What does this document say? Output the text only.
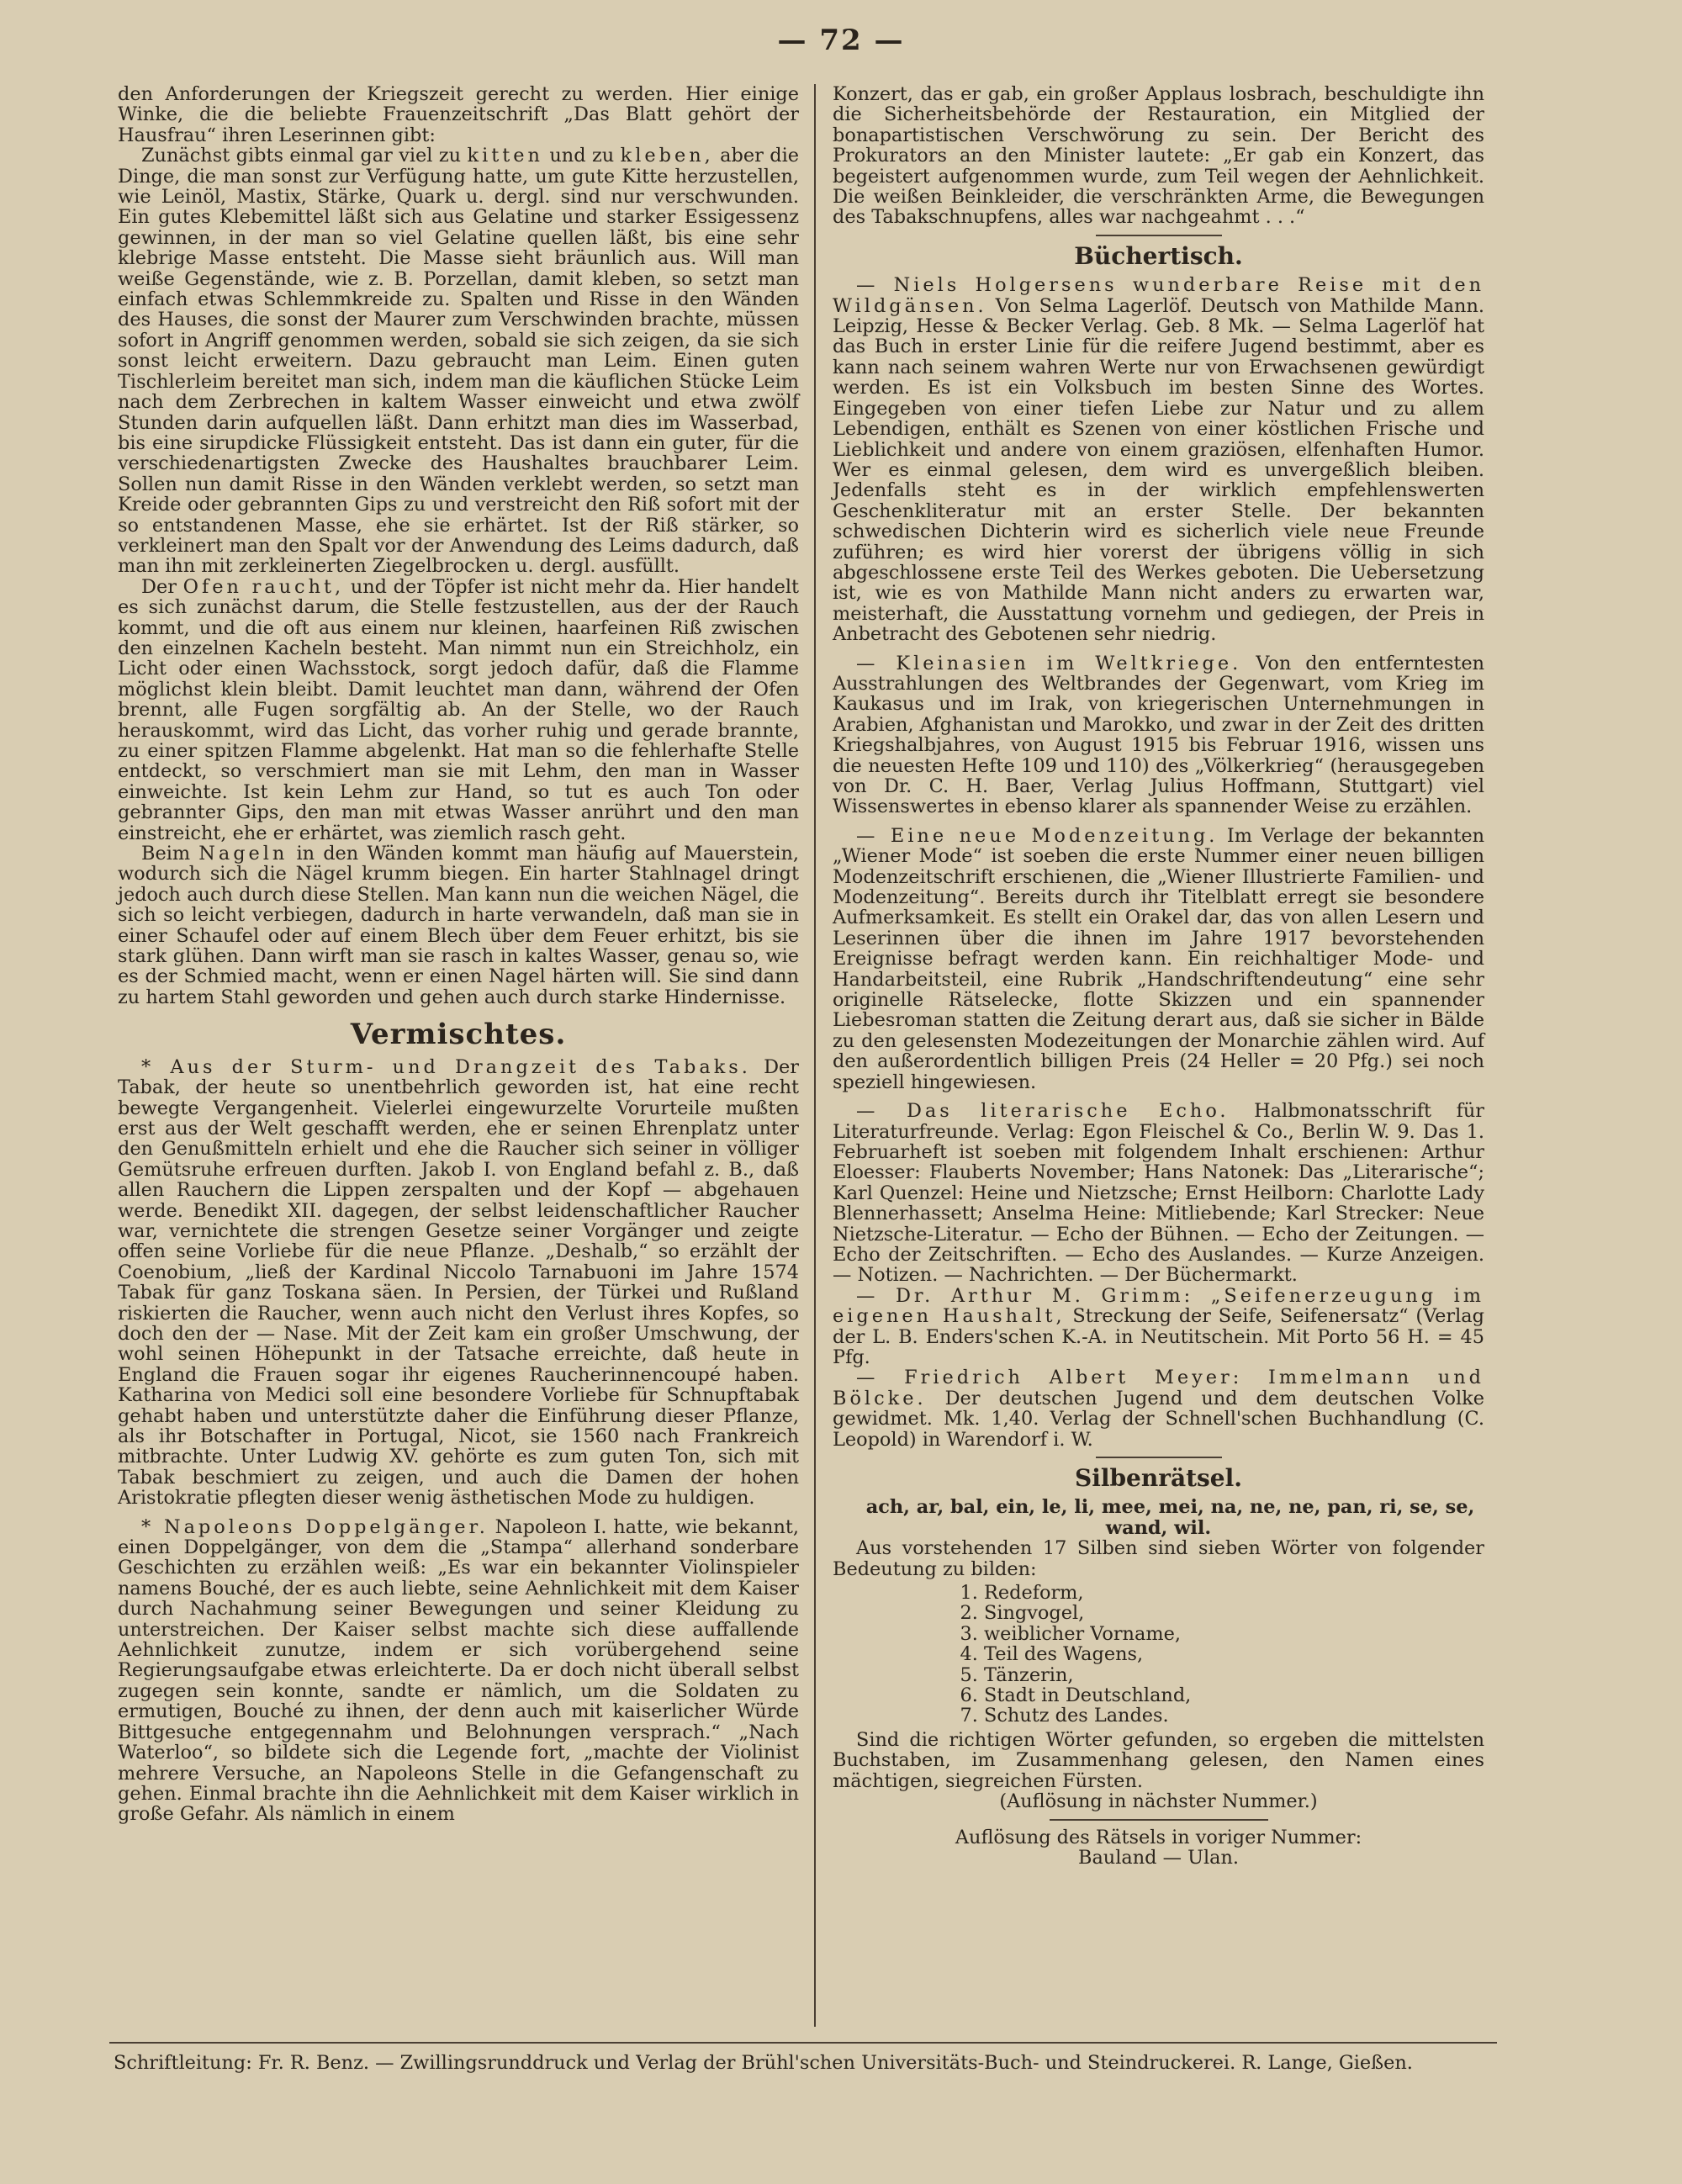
— 72 —

den Anforderungen der Kriegszeit gerecht zu werden. Hier einige Winke, die die beliebte Frauenzeitschrift „Das Blatt gehört der Hausfrau“ ihren Leserinnen gibt:

Zunächst gibts einmal gar viel zu kitten und zu kleben, aber die Dinge, die man sonst zur Verfügung hatte, um gute Kitte herzustellen, wie Leinöl, Mastix, Stärke, Quark u. dergl. sind nur verschwunden. Ein gutes Klebemittel läßt sich aus Gelatine und starker Essigessenz gewinnen, in der man so viel Gelatine quellen läßt, bis eine sehr klebrige Masse entsteht. Die Masse sieht bräunlich aus. Will man weiße Gegenstände, wie z. B. Porzellan, damit kleben, so setzt man einfach etwas Schlemmkreide zu. Spalten und Risse in den Wänden des Hauses, die sonst der Maurer zum Verschwinden brachte, müssen sofort in Angriff genommen werden, sobald sie sich zeigen, da sie sich sonst leicht erweitern. Dazu gebraucht man Leim. Einen guten Tischlerleim bereitet man sich, indem man die käuflichen Stücke Leim nach dem Zerbrechen in kaltem Wasser einweicht und etwa zwölf Stunden darin aufquellen läßt. Dann erhitzt man dies im Wasserbad, bis eine sirupdicke Flüssigkeit entsteht. Das ist dann ein guter, für die verschiedenartigsten Zwecke des Haushaltes brauchbarer Leim. Sollen nun damit Risse in den Wänden verklebt werden, so setzt man Kreide oder gebrannten Gips zu und verstreicht den Riß sofort mit der so entstandenen Masse, ehe sie erhärtet. Ist der Riß stärker, so verkleinert man den Spalt vor der Anwendung des Leims dadurch, daß man ihn mit zerkleinerten Ziegelbrocken u. dergl. ausfüllt.

Der Ofen raucht, und der Töpfer ist nicht mehr da. Hier handelt es sich zunächst darum, die Stelle festzustellen, aus der der Rauch kommt, und die oft aus einem nur kleinen, haarfeinen Riß zwischen den einzelnen Kacheln besteht. Man nimmt nun ein Streichholz, ein Licht oder einen Wachsstock, sorgt jedoch dafür, daß die Flamme möglichst klein bleibt. Damit leuchtet man dann, während der Ofen brennt, alle Fugen sorgfältig ab. An der Stelle, wo der Rauch herauskommt, wird das Licht, das vorher ruhig und gerade brannte, zu einer spitzen Flamme abgelenkt. Hat man so die fehlerhafte Stelle entdeckt, so verschmiert man sie mit Lehm, den man in Wasser einweichte. Ist kein Lehm zur Hand, so tut es auch Ton oder gebrannter Gips, den man mit etwas Wasser anrührt und den man einstreicht, ehe er erhärtet, was ziemlich rasch geht.

Beim Nageln in den Wänden kommt man häufig auf Mauerstein, wodurch sich die Nägel krumm biegen. Ein harter Stahlnagel dringt jedoch auch durch diese Stellen. Man kann nun die weichen Nägel, die sich so leicht verbiegen, dadurch in harte verwandeln, daß man sie in einer Schaufel oder auf einem Blech über dem Feuer erhitzt, bis sie stark glühen. Dann wirft man sie rasch in kaltes Wasser, genau so, wie es der Schmied macht, wenn er einen Nagel härten will. Sie sind dann zu hartem Stahl geworden und gehen auch durch starke Hindernisse.

Vermischtes.

* Aus der Sturm- und Drangzeit des Tabaks. Der Tabak, der heute so unentbehrlich geworden ist, hat eine recht bewegte Vergangenheit. Vielerlei eingewurzelte Vorurteile mußten erst aus der Welt geschafft werden, ehe er seinen Ehrenplatz unter den Genußmitteln erhielt und ehe die Raucher sich seiner in völliger Gemütsruhe erfreuen durften. Jakob I. von England befahl z. B., daß allen Rauchern die Lippen zerspalten und der Kopf — abgehauen werde. Benedikt XII. dagegen, der selbst leidenschaftlicher Raucher war, vernichtete die strengen Gesetze seiner Vorgänger und zeigte offen seine Vorliebe für die neue Pflanze. „Deshalb,“ so erzählt der Coenobium, „ließ der Kardinal Niccolo Tarnabuoni im Jahre 1574 Tabak für ganz Toskana säen. In Persien, der Türkei und Rußland riskierten die Raucher, wenn auch nicht den Verlust ihres Kopfes, so doch den der — Nase. Mit der Zeit kam ein großer Umschwung, der wohl seinen Höhepunkt in der Tatsache erreichte, daß heute in England die Frauen sogar ihr eigenes Raucherinnencoupé haben. Katharina von Medici soll eine besondere Vorliebe für Schnupftabak gehabt haben und unterstützte daher die Einführung dieser Pflanze, als ihr Botschafter in Portugal, Nicot, sie 1560 nach Frankreich mitbrachte. Unter Ludwig XV. gehörte es zum guten Ton, sich mit Tabak beschmiert zu zeigen, und auch die Damen der hohen Aristokratie pflegten dieser wenig ästhetischen Mode zu huldigen.

* Napoleons Doppelgänger. Napoleon I. hatte, wie bekannt, einen Doppelgänger, von dem die „Stampa“ allerhand sonderbare Geschichten zu erzählen weiß: „Es war ein bekannter Violinspieler namens Bouché, der es auch liebte, seine Aehnlichkeit mit dem Kaiser durch Nachahmung seiner Bewegungen und seiner Kleidung zu unterstreichen. Der Kaiser selbst machte sich diese auffallende Aehnlichkeit zunutze, indem er sich vorübergehend seine Regierungsaufgabe etwas erleichterte. Da er doch nicht überall selbst zugegen sein konnte, sandte er nämlich, um die Soldaten zu ermutigen, Bouché zu ihnen, der denn auch mit kaiserlicher Würde Bittgesuche entgegennahm und Belohnungen versprach.“ „Nach Waterloo“, so bildete sich die Legende fort, „machte der Violinist mehrere Versuche, an Napoleons Stelle in die Gefangenschaft zu gehen. Einmal brachte ihn die Aehnlichkeit mit dem Kaiser wirklich in große Gefahr. Als nämlich in einem

Konzert, das er gab, ein großer Applaus losbrach, beschuldigte ihn die Sicherheitsbehörde der Restauration, ein Mitglied der bonapartistischen Verschwörung zu sein. Der Bericht des Prokurators an den Minister lautete: „Er gab ein Konzert, das begeistert aufgenommen wurde, zum Teil wegen der Aehnlichkeit. Die weißen Beinkleider, die verschränkten Arme, die Bewegungen des Tabakschnupfens, alles war nachgeahmt . . .“

Büchertisch.

— Niels Holgersens wunderbare Reise mit den Wildgänsen. Von Selma Lagerlöf. Deutsch von Mathilde Mann. Leipzig, Hesse & Becker Verlag. Geb. 8 Mk. — Selma Lagerlöf hat das Buch in erster Linie für die reifere Jugend bestimmt, aber es kann nach seinem wahren Werte nur von Erwachsenen gewürdigt werden. Es ist ein Volksbuch im besten Sinne des Wortes. Eingegeben von einer tiefen Liebe zur Natur und zu allem Lebendigen, enthält es Szenen von einer köstlichen Frische und Lieblichkeit und andere von einem graziösen, elfenhaften Humor. Wer es einmal gelesen, dem wird es unvergeßlich bleiben. Jedenfalls steht es in der wirklich empfehlenswerten Geschenkliteratur mit an erster Stelle. Der bekannten schwedischen Dichterin wird es sicherlich viele neue Freunde zuführen; es wird hier vorerst der übrigens völlig in sich abgeschlossene erste Teil des Werkes geboten. Die Uebersetzung ist, wie es von Mathilde Mann nicht anders zu erwarten war, meisterhaft, die Ausstattung vornehm und gediegen, der Preis in Anbetracht des Gebotenen sehr niedrig.

— Kleinasien im Weltkriege. Von den entferntesten Ausstrahlungen des Weltbrandes der Gegenwart, vom Krieg im Kaukasus und im Irak, von kriegerischen Unternehmungen in Arabien, Afghanistan und Marokko, und zwar in der Zeit des dritten Kriegshalbjahres, von August 1915 bis Februar 1916, wissen uns die neuesten Hefte 109 und 110) des „Völkerkrieg“ (herausgegeben von Dr. C. H. Baer, Verlag Julius Hoffmann, Stuttgart) viel Wissenswertes in ebenso klarer als spannender Weise zu erzählen.

— Eine neue Modenzeitung. Im Verlage der bekannten „Wiener Mode“ ist soeben die erste Nummer einer neuen billigen Modenzeitschrift erschienen, die „Wiener Illustrierte Familien- und Modenzeitung“. Bereits durch ihr Titelblatt erregt sie besondere Aufmerksamkeit. Es stellt ein Orakel dar, das von allen Lesern und Leserinnen über die ihnen im Jahre 1917 bevorstehenden Ereignisse befragt werden kann. Ein reichhaltiger Mode- und Handarbeitsteil, eine Rubrik „Handschriftendeutung“ eine sehr originelle Rätselecke, flotte Skizzen und ein spannender Liebesroman statten die Zeitung derart aus, daß sie sicher in Bälde zu den gelesensten Modezeitungen der Monarchie zählen wird. Auf den außerordentlich billigen Preis (24 Heller = 20 Pfg.) sei noch speziell hingewiesen.

— Das literarische Echo. Halbmonatsschrift für Literaturfreunde. Verlag: Egon Fleischel & Co., Berlin W. 9. Das 1. Februarheft ist soeben mit folgendem Inhalt erschienen: Arthur Eloesser: Flauberts November; Hans Natonek: Das „Literarische“; Karl Quenzel: Heine und Nietzsche; Ernst Heilborn: Charlotte Lady Blennerhassett; Anselma Heine: Mitliebende; Karl Strecker: Neue Nietzsche-Literatur. — Echo der Bühnen. — Echo der Zeitungen. — Echo der Zeitschriften. — Echo des Auslandes. — Kurze Anzeigen. — Notizen. — Nachrichten. — Der Büchermarkt.

— Dr. Arthur M. Grimm: „Seifenerzeugung im eigenen Haushalt, Streckung der Seife, Seifenersatz“ (Verlag der L. B. Enders'schen K.-A. in Neutitschein. Mit Porto 56 H. = 45 Pfg.

— Friedrich Albert Meyer: Immelmann und Bölcke. Der deutschen Jugend und dem deutschen Volke gewidmet. Mk. 1,40. Verlag der Schnell'schen Buchhandlung (C. Leopold) in Warendorf i. W.

Silbenrätsel.

ach, ar, bal, ein, le, li, mee, mei, na, ne, ne, pan, ri, se, se, wand, wil.

Aus vorstehenden 17 Silben sind sieben Wörter von folgender Bedeutung zu bilden:

1. Redeform,
2. Singvogel,
3. weiblicher Vorname,
4. Teil des Wagens,
5. Tänzerin,
6. Stadt in Deutschland,
7. Schutz des Landes.

Sind die richtigen Wörter gefunden, so ergeben die mittelsten Buchstaben, im Zusammenhang gelesen, den Namen eines mächtigen, siegreichen Fürsten.

(Auflösung in nächster Nummer.)

Auflösung des Rätsels in voriger Nummer:

Bauland — Ulan.

Schriftleitung: Fr. R. Benz. — Zwillingsrunddruck und Verlag der Brühl'schen Universitäts-Buch- und Steindruckerei. R. Lange, Gießen.
